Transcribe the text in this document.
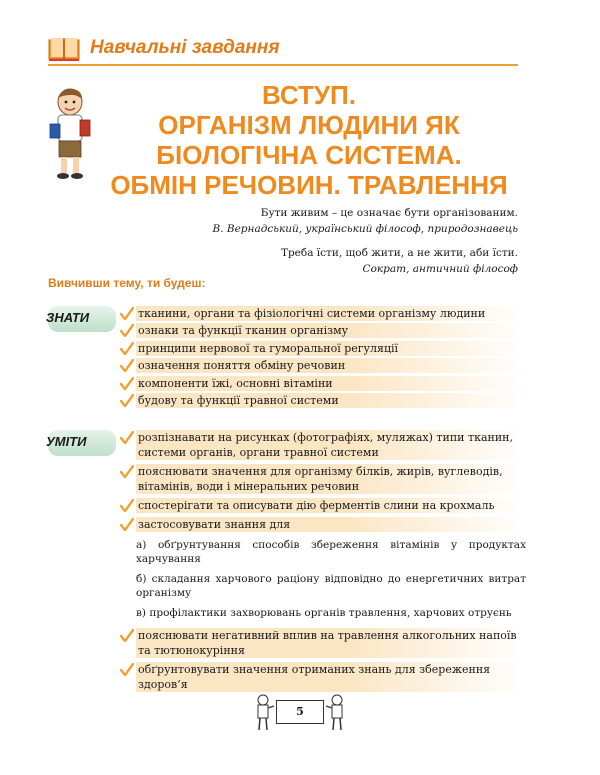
Навчальні завдання
ВСТУП.
ОРГАНІЗМ ЛЮДИНИ ЯК
БІОЛОГІЧНА СИСТЕМА.
ОБМІН РЕЧОВИН. ТРАВЛЕННЯ
Бути живим – це означає бути організованим.
В. Вернадський, український філософ, природознавець
Треба їсти, щоб жити, а не жити, аби їсти.
Сократ, античний філософ
Вивчивши тему, ти будеш:
ЗНАТИ	тканини, органи та фізіологічні системи організму людини
ознаки та функції тканин організму
принципи нервової та гуморальної регуляції
означення поняття обміну речовин
компоненти їжі, основні вітаміни
будову та функції травної системи
УМІТИ	розпізнавати на рисунках (фотографіях, муляжах) типи тканин, системи органів, органи травної системи
пояснювати значення для організму білків, жирів, вуглеводів, вітамінів, води і мінеральних речовин
спостерігати та описувати дію ферментів слини на крохмаль
застосовувати знання для

а) обґрунтування способів збереження вітамінів у продуктах харчування

б) складання харчового раціону відповідно до енергетичних витрат організму

в) профілактики захворювань органів травлення, харчових отруєнь

пояснювати негативний вплив на травлення алкогольних напоїв та тютюнокуріння
обґрунтовувати значення отриманих знань для збереження здоров’я
5
